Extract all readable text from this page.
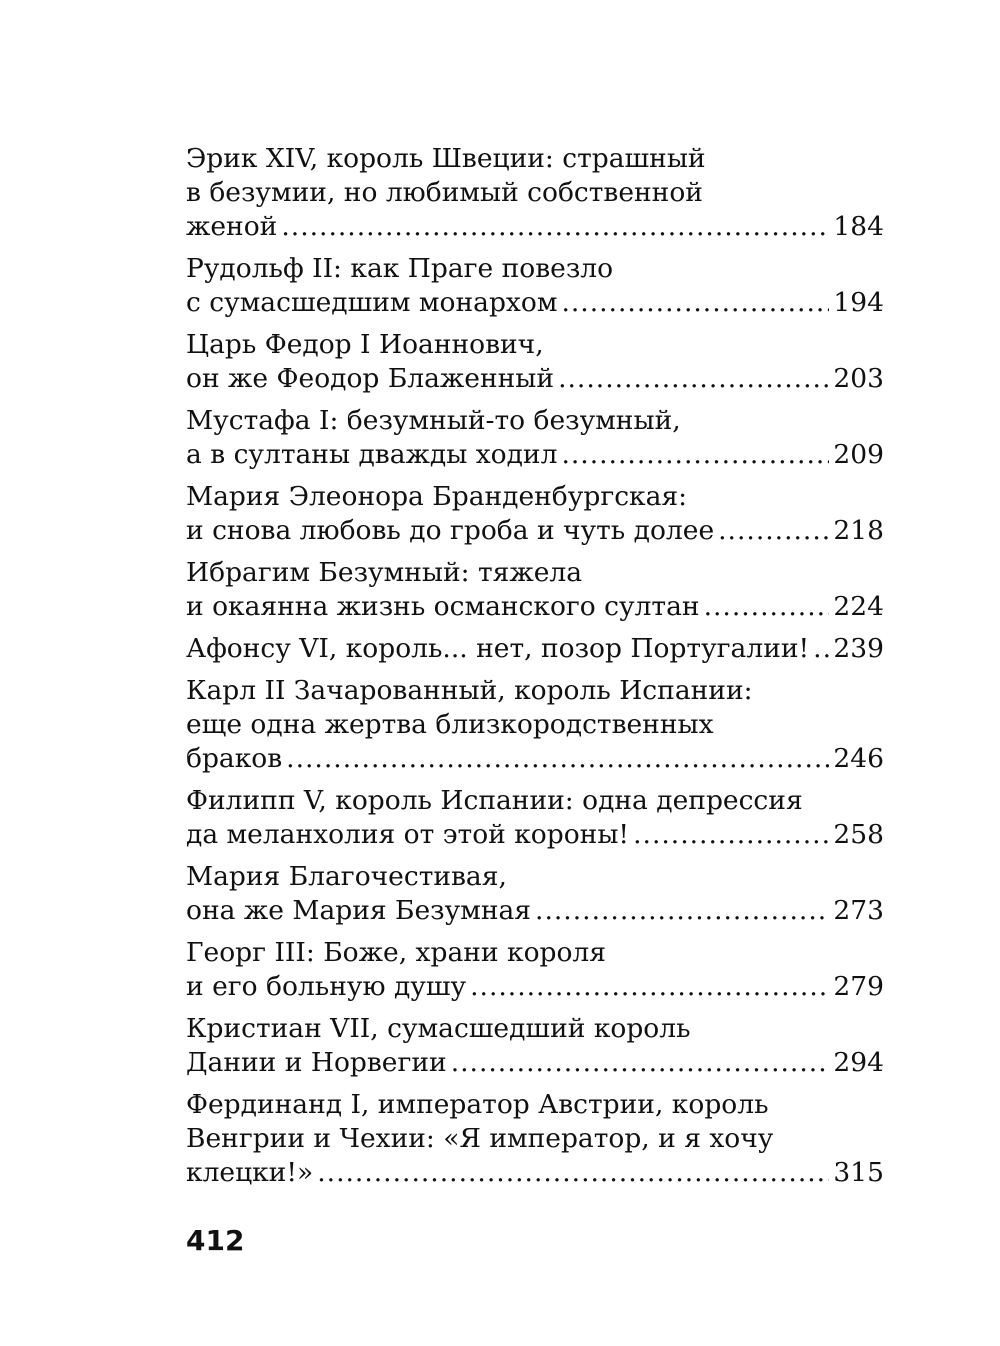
Эрик XIV, король Швеции: страшный
в безумии, но любимый собственной
женой .....	184
Рудольф II: как Праге повезло
с сумасшедшим монархом .....	194
Царь Федор I Иоаннович,
он же Феодор Блаженный .....	203
Мустафа I: безумный-то безумный,
а в султаны дважды ходил .....	209
Мария Элеонора Бранденбургская:
и снова любовь до гроба и чуть долее .....	218
Ибрагим Безумный: тяжела
и окаянна жизнь османского султан .....	224
Афонсу VI, король... нет, позор Португалии! ..... 239
Карл II Зачарованный, король Испании:
еще одна жертва близкородственных
браков .....	246
Филипп V, король Испании: одна депрессия
да меланхолия от этой короны! .....	258
Мария Благочестивая,
она же Мария Безумная .....	273
Георг III: Боже, храни короля
и его больную душу .....	279
Кристиан VII, сумасшедший король
Дании и Норвегии .....	294
Фердинанд I, император Австрии, король
Венгрии и Чехии: «Я император, и я хочу
клецки!» .....	315
412
